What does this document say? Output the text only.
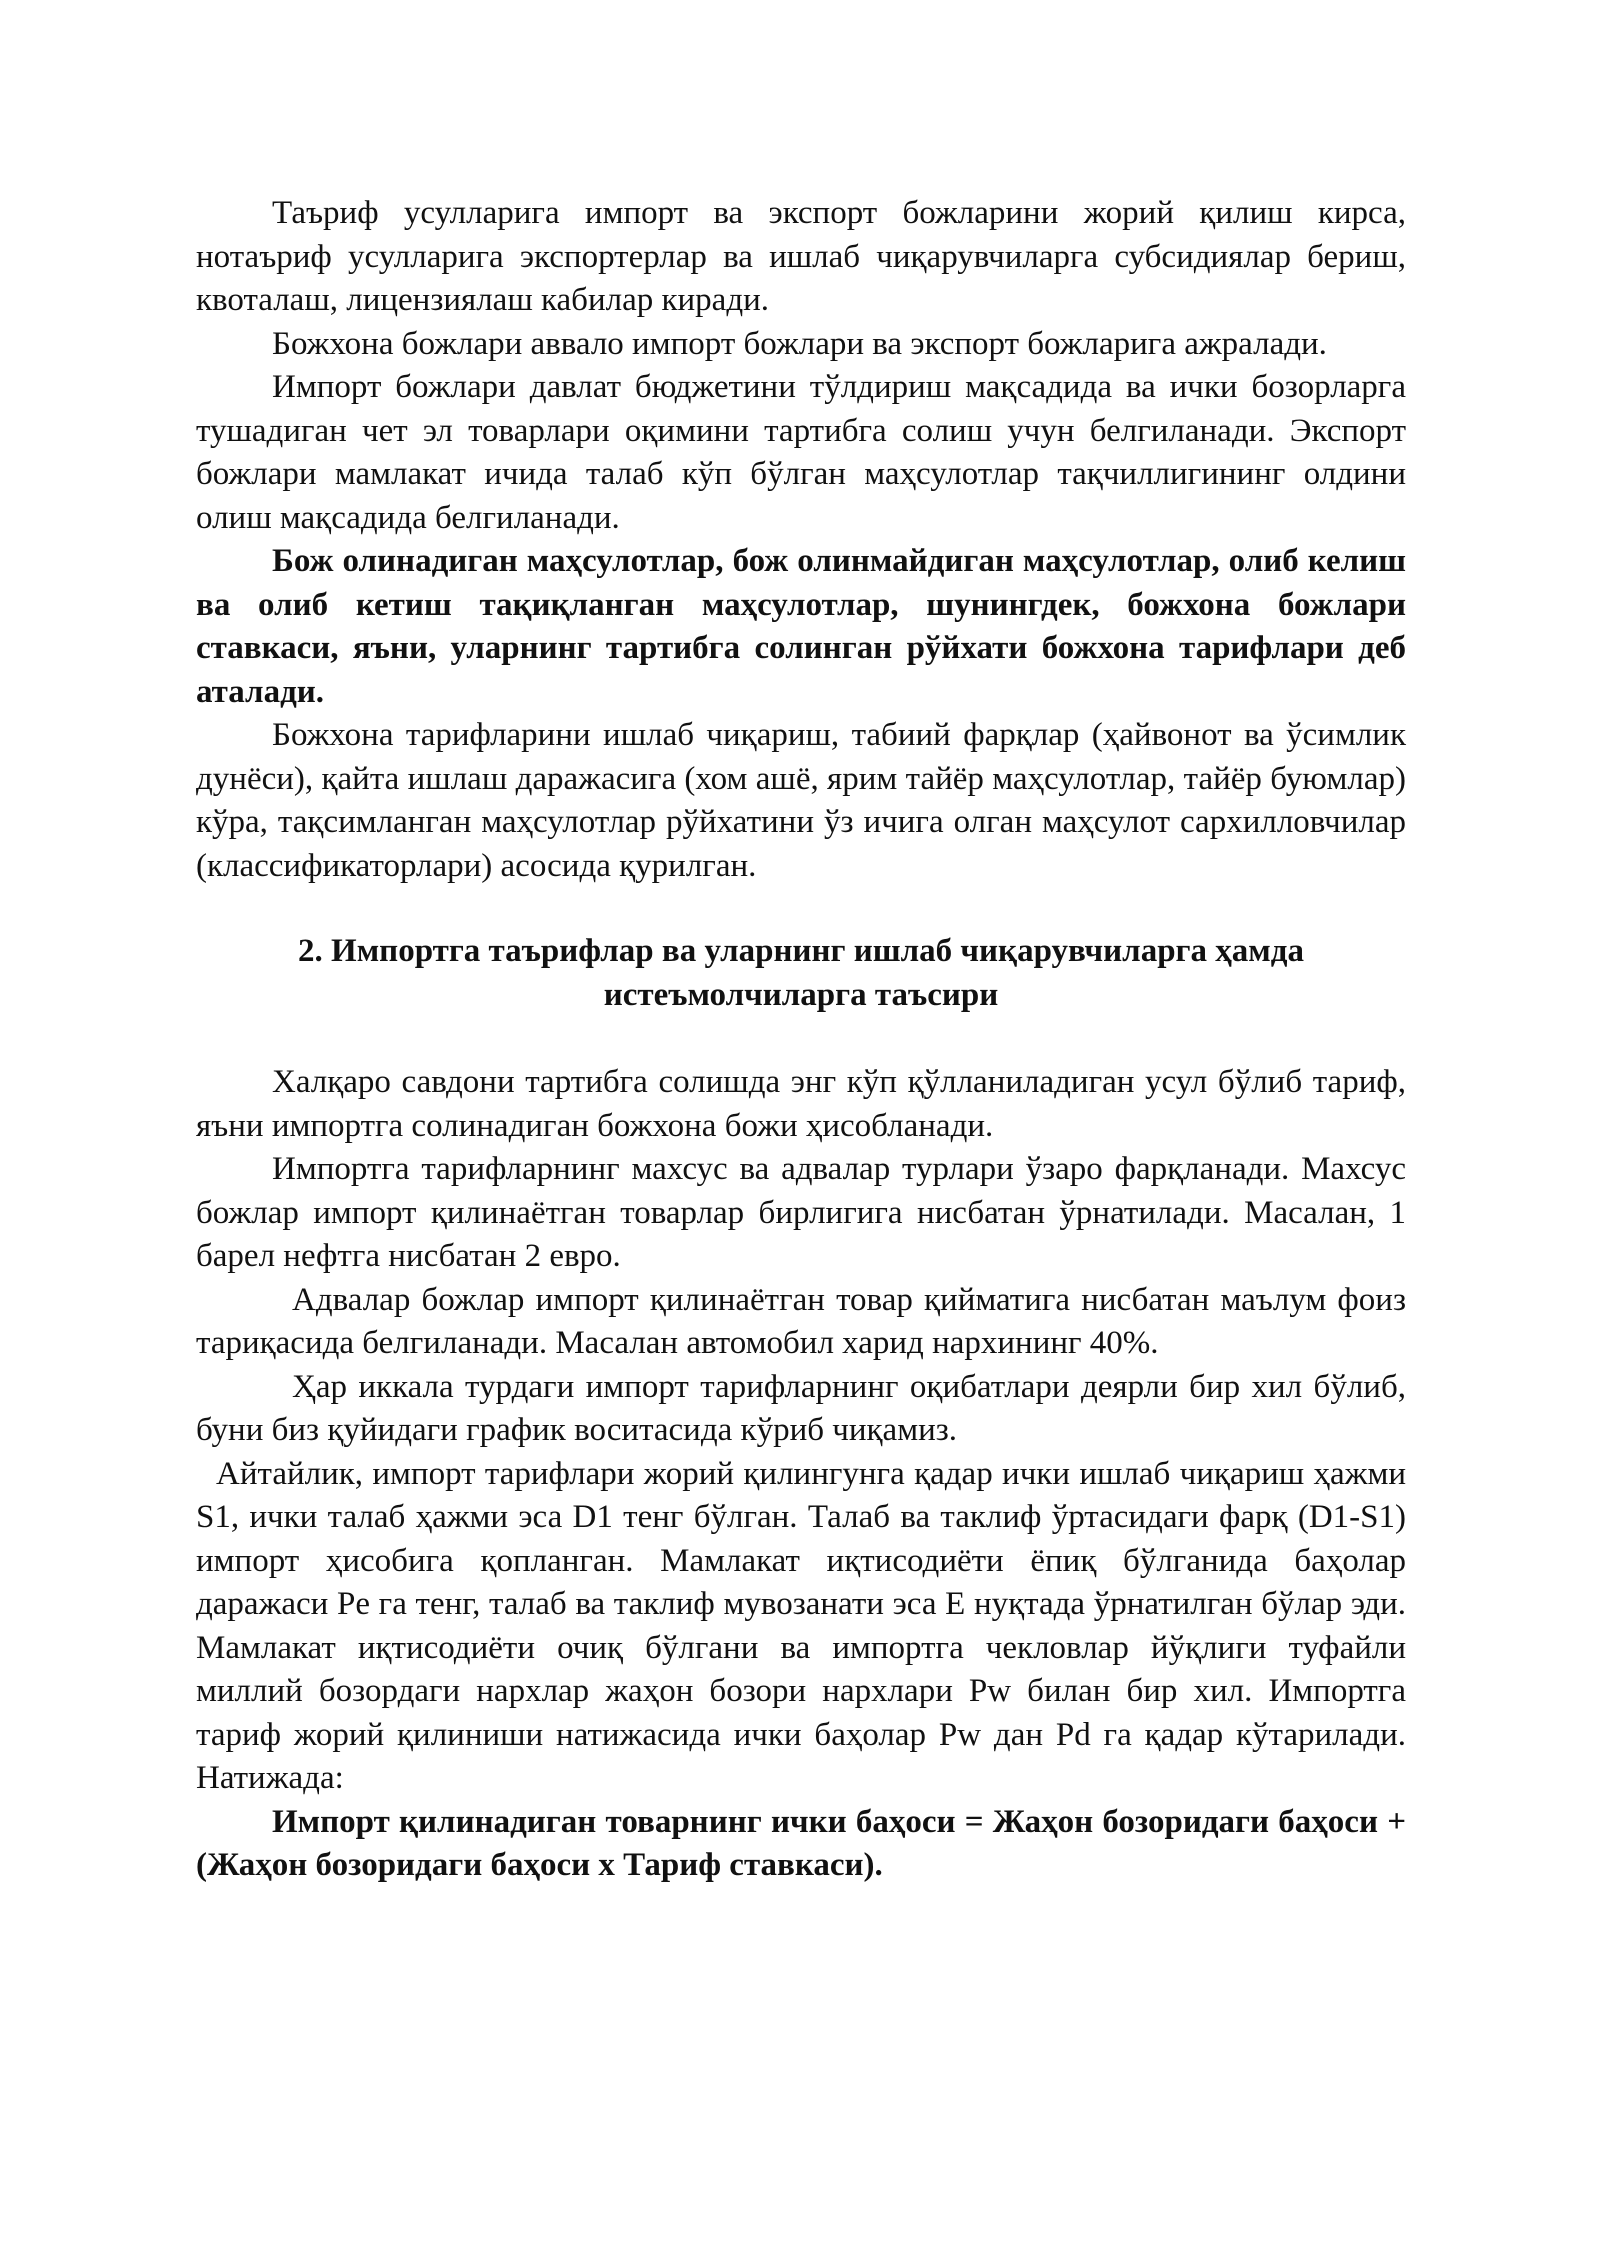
Таъриф усулларига импорт ва экспорт божларини жорий қилиш кирса, нотаъриф усулларига экспортерлар ва ишлаб чиқарувчиларга субсидиялар бериш, квоталаш, лицензиялаш кабилар киради.

Божхона божлари аввало импорт божлари ва экспорт божларига ажралади.

Импорт божлари давлат бюджетини тўлдириш мақсадида ва ички бозорларга тушадиган чет эл товарлари оқимини тартибга солиш учун белгиланади. Экспорт божлари мамлакат ичида талаб кўп бўлган маҳсулотлар тақчиллигининг олдини олиш мақсадида белгиланади.

Бож олинадиган маҳсулотлар, бож олинмайдиган маҳсулотлар, олиб келиш ва олиб кетиш тақиқланган маҳсулотлар, шунингдек, божхона божлари ставкаси, яъни, уларнинг тартибга солинган рўйхати божхона тарифлари деб аталади.

Божхона тарифларини ишлаб чиқариш, табиий фарқлар (ҳайвонот ва ўсимлик дунёси), қайта ишлаш даражасига (хом ашё, ярим тайёр маҳсулотлар, тайёр буюмлар) кўра, тақсимланган маҳсулотлар рўйхатини ўз ичига олган маҳсулот сархилловчилар (классификаторлари) асосида қурилган.

2. Импортга таърифлар ва уларнинг ишлаб чиқарувчиларга ҳамда
истеъмолчиларга таъсири

Халқаро савдони тартибга солишда энг кўп қўлланиладиган усул бўлиб тариф, яъни импортга солинадиган божхона божи ҳисобланади.

Импортга тарифларнинг махсус ва адвалар турлари ўзаро фарқланади. Махсус божлар импорт қилинаётган товарлар бирлигига нисбатан ўрнатилади. Масалан, 1 барел нефтга нисбатан 2 евро.

Адвалар божлар импорт қилинаётган товар қийматига нисбатан маълум фоиз тариқасида белгиланади. Масалан автомобил харид нархининг 40%.

Ҳар иккала турдаги импорт тарифларнинг оқибатлари деярли бир хил бўлиб, буни биз қуйидаги график воситасида кўриб чиқамиз.

Айтайлик, импорт тарифлари жорий қилингунга қадар ички ишлаб чиқариш ҳажми S1, ички талаб ҳажми эса D1 тенг бўлган. Талаб ва таклиф ўртасидаги фарқ (D1-S1) импорт ҳисобига қопланган. Мамлакат иқтисодиёти ёпиқ бўлганида баҳолар даражаси Pe га тенг, талаб ва таклиф мувозанати эса Е нуқтада ўрнатилган бўлар эди. Мамлакат иқтисодиёти очиқ бўлгани ва импортга чекловлар йўқлиги туфайли миллий бозордаги нархлар жаҳон бозори нархлари Pw билан бир хил. Импортга тариф жорий қилиниши натижасида ички баҳолар Pw дан Pd га қадар кўтарилади. Натижада:

Импорт қилинадиган товарнинг ички баҳоси = Жаҳон бозоридаги баҳоси +(Жаҳон бозоридаги баҳоси х Тариф ставкаси).
